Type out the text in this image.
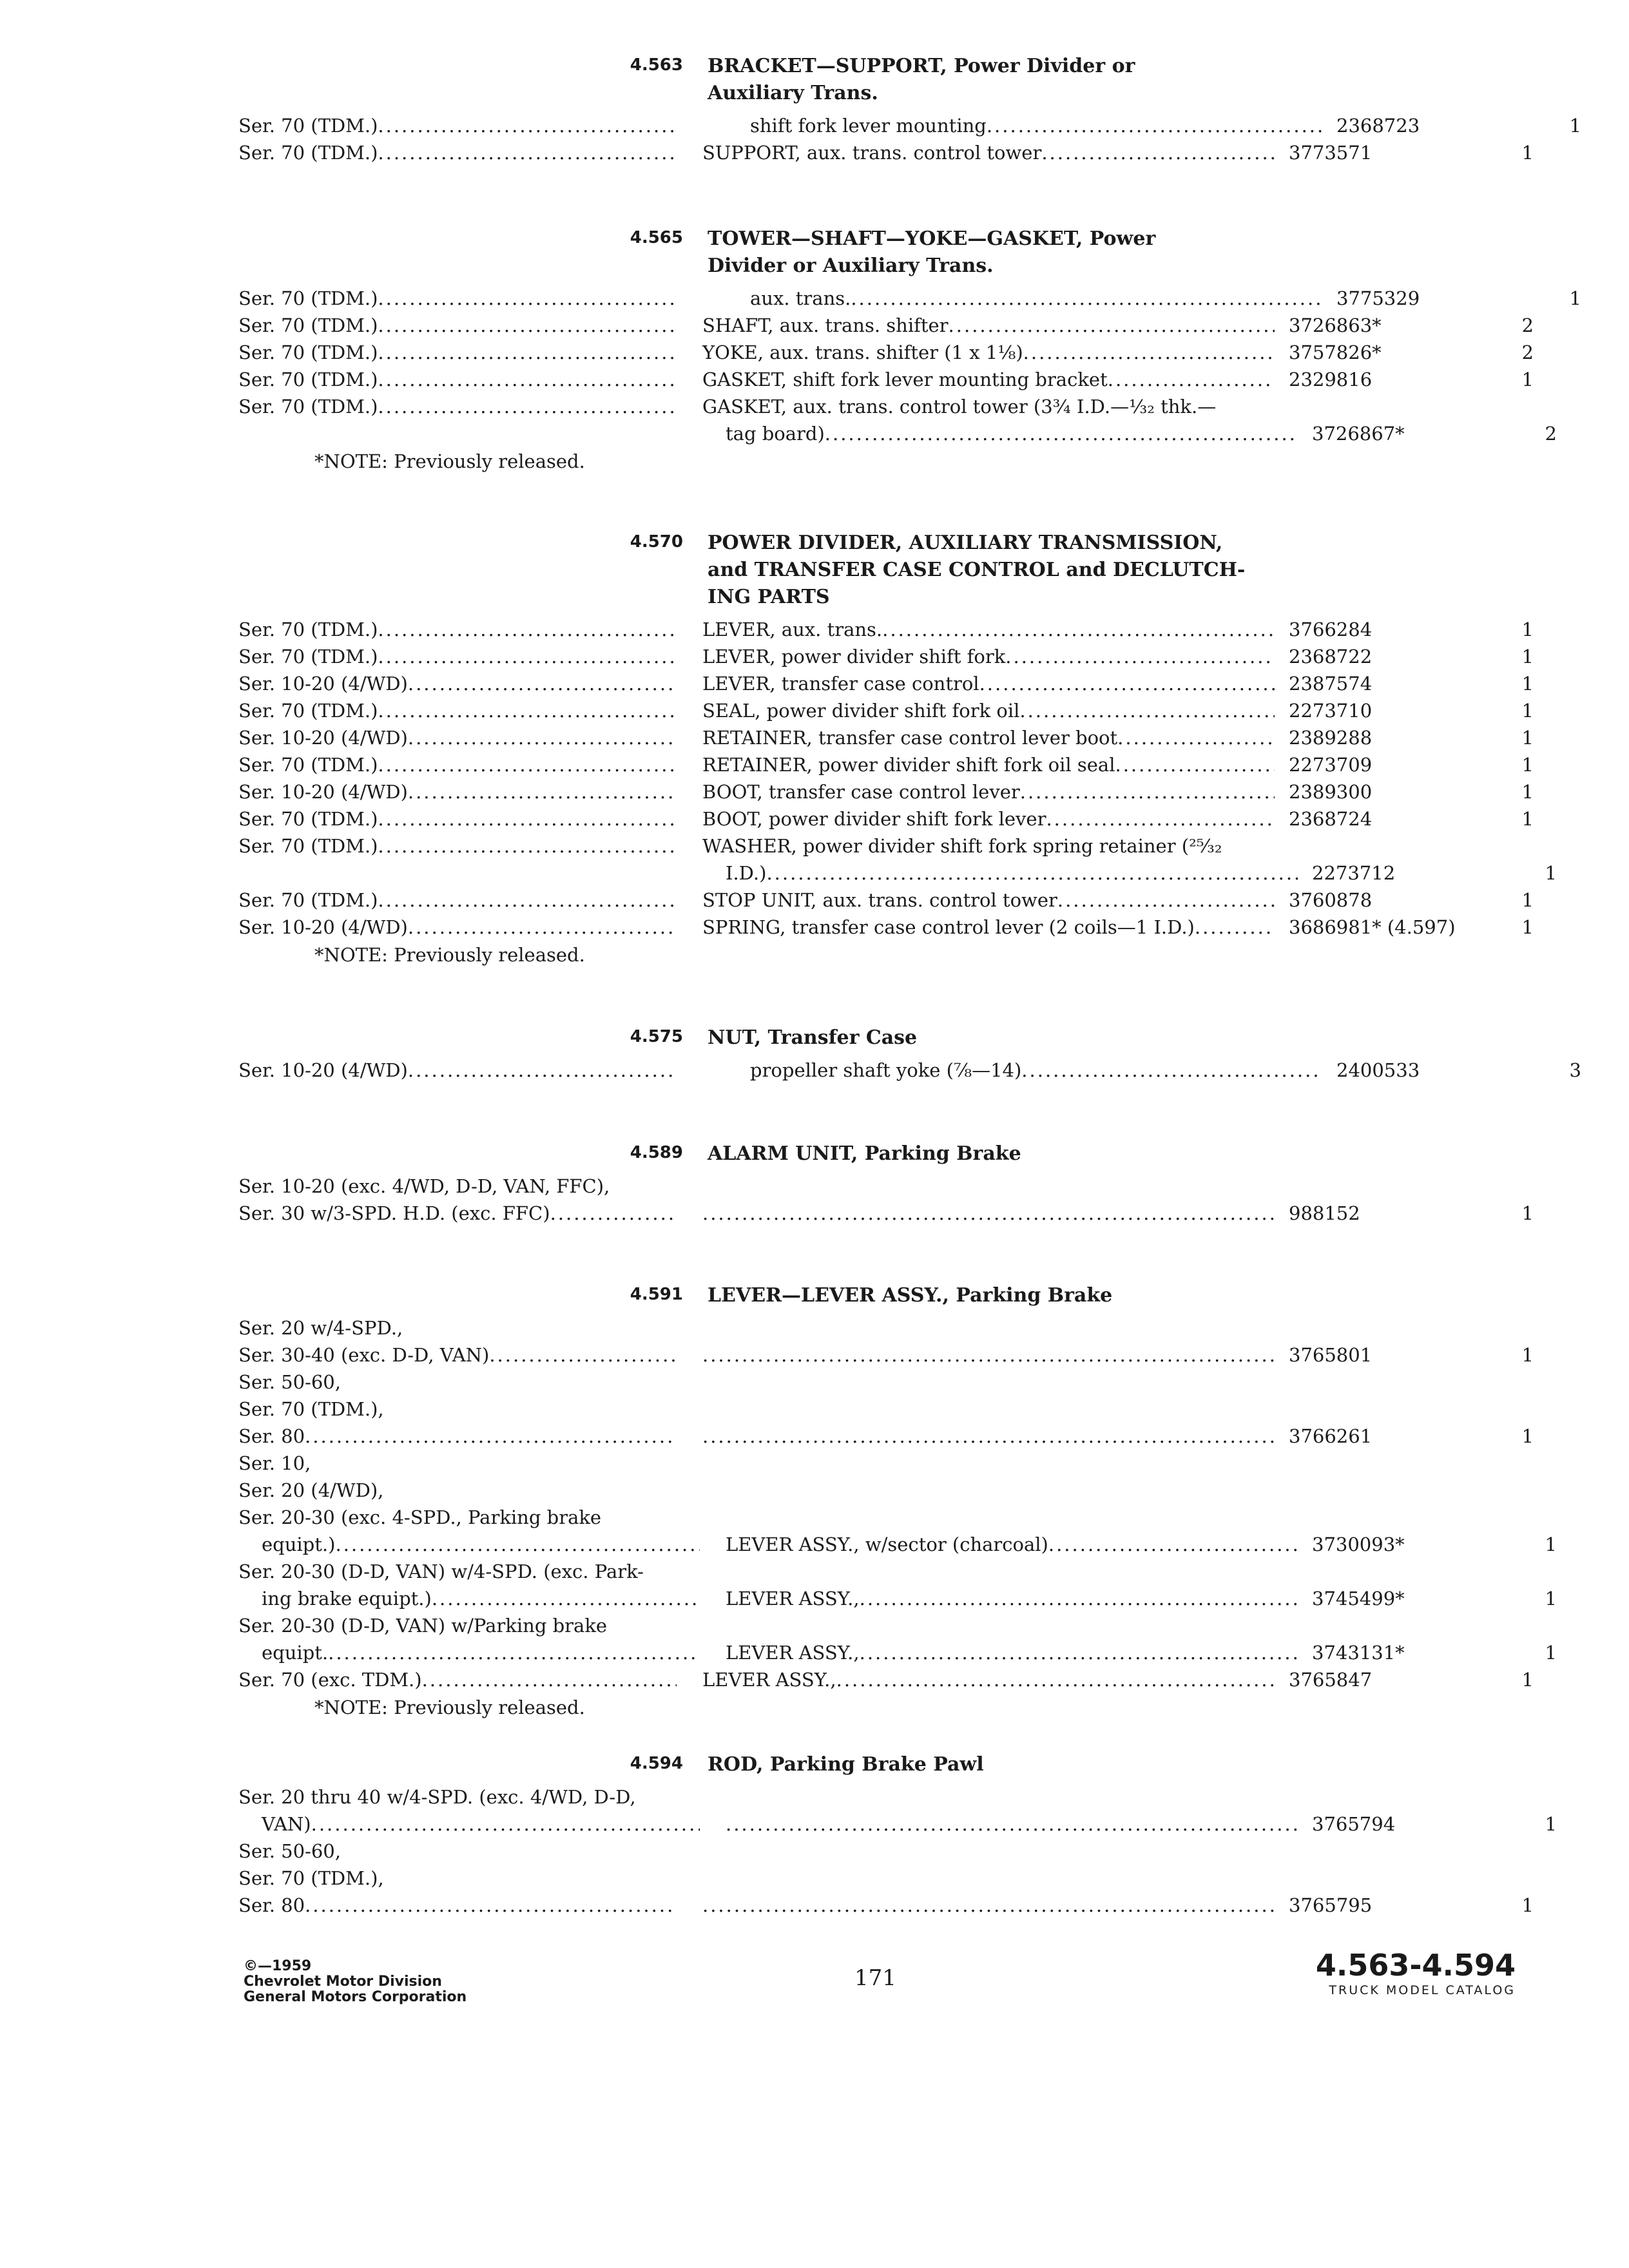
4.563 BRACKET—SUPPORT, Power Divider or
Auxiliary Trans.
Ser. 70 (TDM.) .....	shift fork lever mounting .....	2368723	1
Ser. 70 (TDM.) .....	SUPPORT, aux. trans. control tower .....	3773571	1
4.565 TOWER—SHAFT—YOKE—GASKET, Power
Divider or Auxiliary Trans.
Ser. 70 (TDM.) .....	aux. trans. .....	3775329	1
Ser. 70 (TDM.) .....	SHAFT, aux. trans. shifter .....	3726863*	2
Ser. 70 (TDM.) .....	YOKE, aux. trans. shifter (1 x 1⅛) .....	3757826*	2
Ser. 70 (TDM.) .....	GASKET, shift fork lever mounting bracket .....	2329816	1
Ser. 70 (TDM.) .....	GASKET, aux. trans. control tower (3¾ I.D.—⅓₂ thk.—
tag board) .....	3726867*	2
*NOTE: Previously released.
4.570 POWER DIVIDER, AUXILIARY TRANSMISSION,
and TRANSFER CASE CONTROL and DECLUTCH-
ING PARTS
Ser. 70 (TDM.) .....	LEVER, aux. trans. .....	3766284	1
Ser. 70 (TDM.) .....	LEVER, power divider shift fork .....	2368722	1
Ser. 10-20 (4/WD) .....	LEVER, transfer case control .....	2387574	1
Ser. 70 (TDM.) .....	SEAL, power divider shift fork oil .....	2273710	1
Ser. 10-20 (4/WD) .....	RETAINER, transfer case control lever boot .....	2389288	1
Ser. 70 (TDM.) .....	RETAINER, power divider shift fork oil seal .....	2273709	1
Ser. 10-20 (4/WD) .....	BOOT, transfer case control lever .....	2389300	1
Ser. 70 (TDM.) .....	BOOT, power divider shift fork lever .....	2368724	1
Ser. 70 (TDM.) .....	WASHER, power divider shift fork spring retainer (²⁵⁄₃₂
I.D.) .....	2273712	1
Ser. 70 (TDM.) .....	STOP UNIT, aux. trans. control tower .....	3760878	1
Ser. 10-20 (4/WD) .....	SPRING, transfer case control lever (2 coils—1 I.D.) .....	3686981* (4.597)	1
*NOTE: Previously released.
4.575 NUT, Transfer Case
Ser. 10-20 (4/WD) .....	propeller shaft yoke (⅞—14) .....	2400533	3
4.589 ALARM UNIT, Parking Brake
Ser. 10-20 (exc. 4/WD, D-D, VAN, FFC),
Ser. 30 w/3-SPD. H.D. (exc. FFC) ..... .....	988152	1
4.591 LEVER—LEVER ASSY., Parking Brake
Ser. 20 w/4-SPD.,
Ser. 30-40 (exc. D-D, VAN) ..... .....	3765801	1
Ser. 50-60,
Ser. 70 (TDM.),
Ser. 80 ..... .....	3766261	1
Ser. 10,
Ser. 20 (4/WD),
Ser. 20-30 (exc. 4-SPD., Parking brake
equipt.) .....	LEVER ASSY., w/sector (charcoal) .....	3730093*	1
Ser. 20-30 (D-D, VAN) w/4-SPD. (exc. Park-
ing brake equipt.) .....	LEVER ASSY., .....	3745499*	1
Ser. 20-30 (D-D, VAN) w/Parking brake
equipt. .....	LEVER ASSY., .....	3743131*	1
Ser. 70 (exc. TDM.) .....	LEVER ASSY., .....	3765847	1
*NOTE: Previously released.
4.594 ROD, Parking Brake Pawl
Ser. 20 thru 40 w/4-SPD. (exc. 4/WD, D-D,
VAN) ..... .....	3765794	1
Ser. 50-60,
Ser. 70 (TDM.),
Ser. 80 ..... .....	3765795	1
©—1959
Chevrolet Motor Division
General Motors Corporation
171	4.563-4.594
TRUCK MODEL CATALOG
